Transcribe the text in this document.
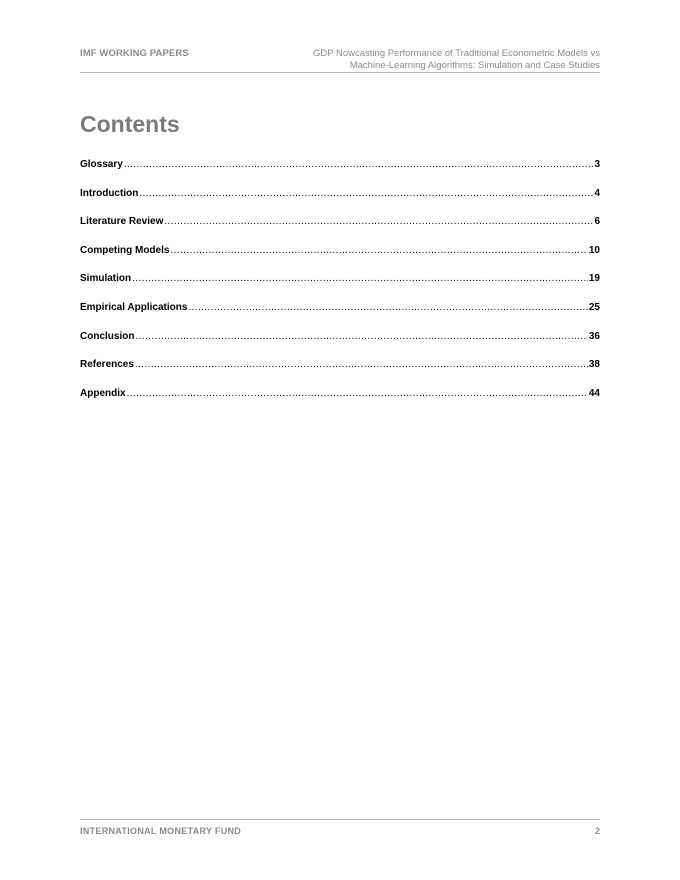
IMF WORKING PAPERS	GDP Nowcasting Performance of Traditional Econometric Models vs
Machine-Learning Algorithms: Simulation and Case Studies
Contents
Glossary .....	3
Introduction .....	4
Literature Review .....	6
Competing Models .....	10
Simulation .....	19
Empirical Applications .....	25
Conclusion .....	36
References .....	38
Appendix .....	44
INTERNATIONAL MONETARY FUND	2
